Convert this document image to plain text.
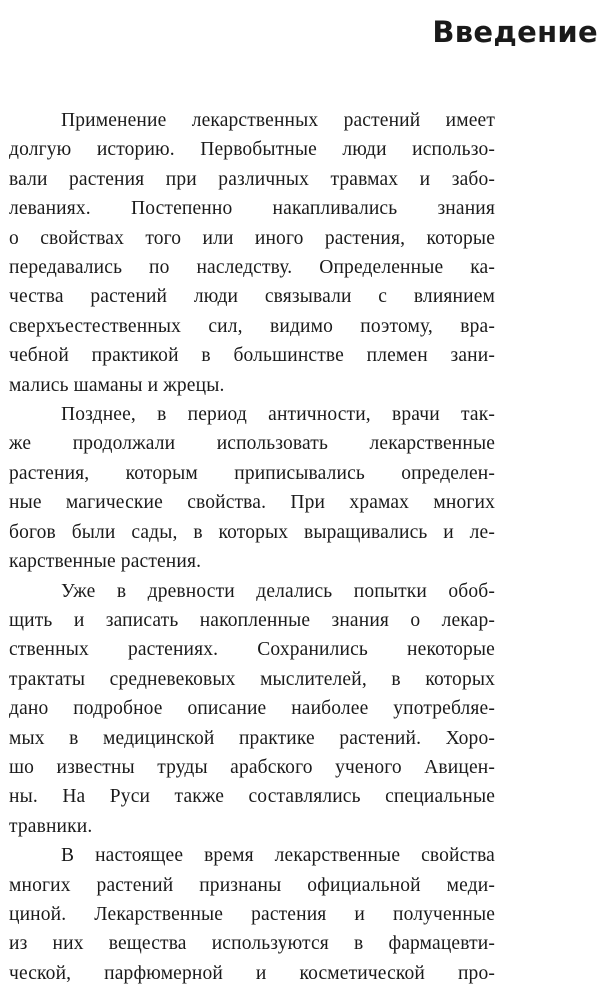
Введение

Применение лекарственных растений имеет
долгую историю. Первобытные люди использо-
вали растения при различных травмах и забо-
леваниях. Постепенно накапливались знания
о свойствах того или иного растения, которые
передавались по наследству. Определенные ка-
чества растений люди связывали с влиянием
сверхъестественных сил, видимо поэтому, вра-
чебной практикой в большинстве племен зани-
мались шаманы и жрецы.

Позднее, в период античности, врачи так-
же продолжали использовать лекарственные
растения, которым приписывались определен-
ные магические свойства. При храмах многих
богов были сады, в которых выращивались и ле-
карственные растения.

Уже в древности делались попытки обоб-
щить и записать накопленные знания о лекар-
ственных растениях. Сохранились некоторые
трактаты средневековых мыслителей, в которых
дано подробное описание наиболее употребляе-
мых в медицинской практике растений. Хоро-
шо известны труды арабского ученого Авицен-
ны. На Руси также составлялись специальные
травники.

В настоящее время лекарственные свойства
многих растений признаны официальной меди-
циной. Лекарственные растения и полученные
из них вещества используются в фармацевти-
ческой, парфюмерной и косметической про-
